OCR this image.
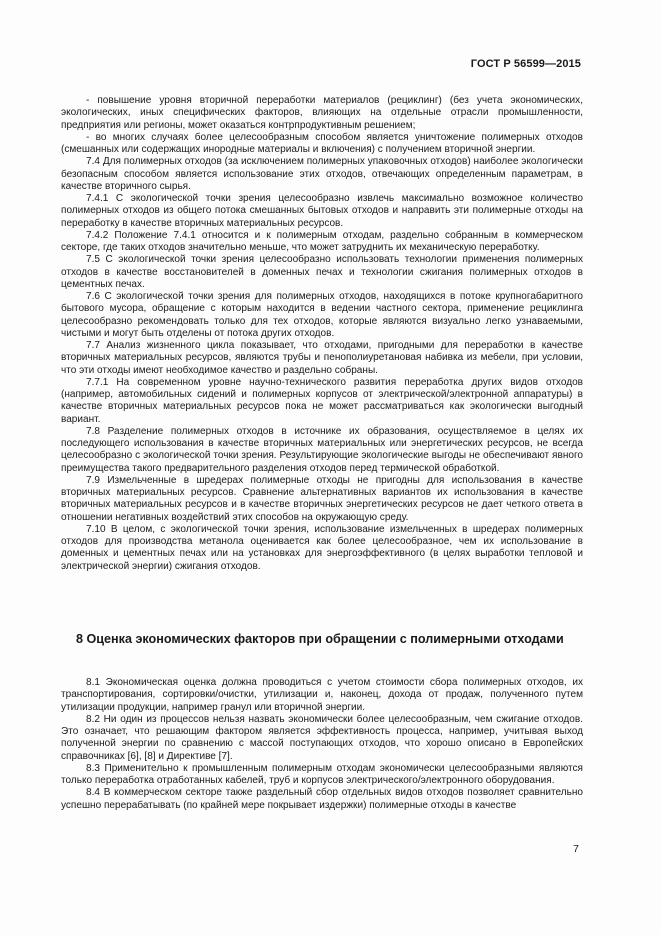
ГОСТ Р 56599—2015

- повышение уровня вторичной переработки материалов (рециклинг) (без учета экономических, экологических, иных специфических факторов, влияющих на отдельные отрасли промышленности, предприятия или регионы, может оказаться контрпродуктивным решением;

- во многих случаях более целесообразным способом является уничтожение полимерных отходов (смешанных или содержащих инородные материалы и включения) с получением вторичной энергии.

7.4 Для полимерных отходов (за исключением полимерных упаковочных отходов) наиболее экологически безопасным способом является использование этих отходов, отвечающих определенным параметрам, в качестве вторичного сырья.

7.4.1 С экологической точки зрения целесообразно извлечь максимально возможное количество полимерных отходов из общего потока смешанных бытовых отходов и направить эти полимерные отходы на переработку в качестве вторичных материальных ресурсов.

7.4.2 Положение 7.4.1 относится и к полимерным отходам, раздельно собранным в коммерческом секторе, где таких отходов значительно меньше, что может затруднить их механическую переработку.

7.5 С экологической точки зрения целесообразно использовать технологии применения полимерных отходов в качестве восстановителей в доменных печах и технологии сжигания полимерных отходов в цементных печах.

7.6 С экологической точки зрения для полимерных отходов, находящихся в потоке крупногабаритного бытового мусора, обращение с которым находится в ведении частного сектора, применение рециклинга целесообразно рекомендовать только для тех отходов, которые являются визуально легко узнаваемыми, чистыми и могут быть отделены от потока других отходов.

7.7 Анализ жизненного цикла показывает, что отходами, пригодными для переработки в качестве вторичных материальных ресурсов, являются трубы и пенополиуретановая набивка из мебели, при условии, что эти отходы имеют необходимое качество и раздельно собраны.

7.7.1 На современном уровне научно-технического развития переработка других видов отходов (например, автомобильных сидений и полимерных корпусов от электрической/электронной аппаратуры) в качестве вторичных материальных ресурсов пока не может рассматриваться как экологически выгодный вариант.

7.8 Разделение полимерных отходов в источнике их образования, осуществляемое в целях их последующего использования в качестве вторичных материальных или энергетических ресурсов, не всегда целесообразно с экологической точки зрения. Результирующие экологические выгоды не обеспечивают явного преимущества такого предварительного разделения отходов перед термической обработкой.

7.9 Измельченные в шредерах полимерные отходы не пригодны для использования в качестве вторичных материальных ресурсов. Сравнение альтернативных вариантов их использования в качестве вторичных материальных ресурсов и в качестве вторичных энергетических ресурсов не дает четкого ответа в отношении негативных воздействий этих способов на окружающую среду.

7.10 В целом, с экологической точки зрения, использование измельченных в шредерах полимерных отходов для производства метанола оценивается как более целесообразное, чем их использование в доменных и цементных печах или на установках для энергоэффективного (в целях выработки тепловой и электрической энергии) сжигания отходов.

8 Оценка экономических факторов при обращении с полимерными отходами

8.1 Экономическая оценка должна проводиться с учетом стоимости сбора полимерных отходов, их транспортирования, сортировки/очистки, утилизации и, наконец, дохода от продаж, полученного путем утилизации продукции, например гранул или вторичной энергии.

8.2 Ни один из процессов нельзя назвать экономически более целесообразным, чем сжигание отходов. Это означает, что решающим фактором является эффективность процесса, например, учитывая выход полученной энергии по сравнению с массой поступающих отходов, что хорошо описано в Европейских справочниках [6], [8] и Директиве [7].

8.3 Применительно к промышленным полимерным отходам экономически целесообразными являются только переработка отработанных кабелей, труб и корпусов электрического/электронного оборудования.

8.4 В коммерческом секторе также раздельный сбор отдельных видов отходов позволяет сравнительно успешно перерабатывать (по крайней мере покрывает издержки) полимерные отходы в качестве

7
